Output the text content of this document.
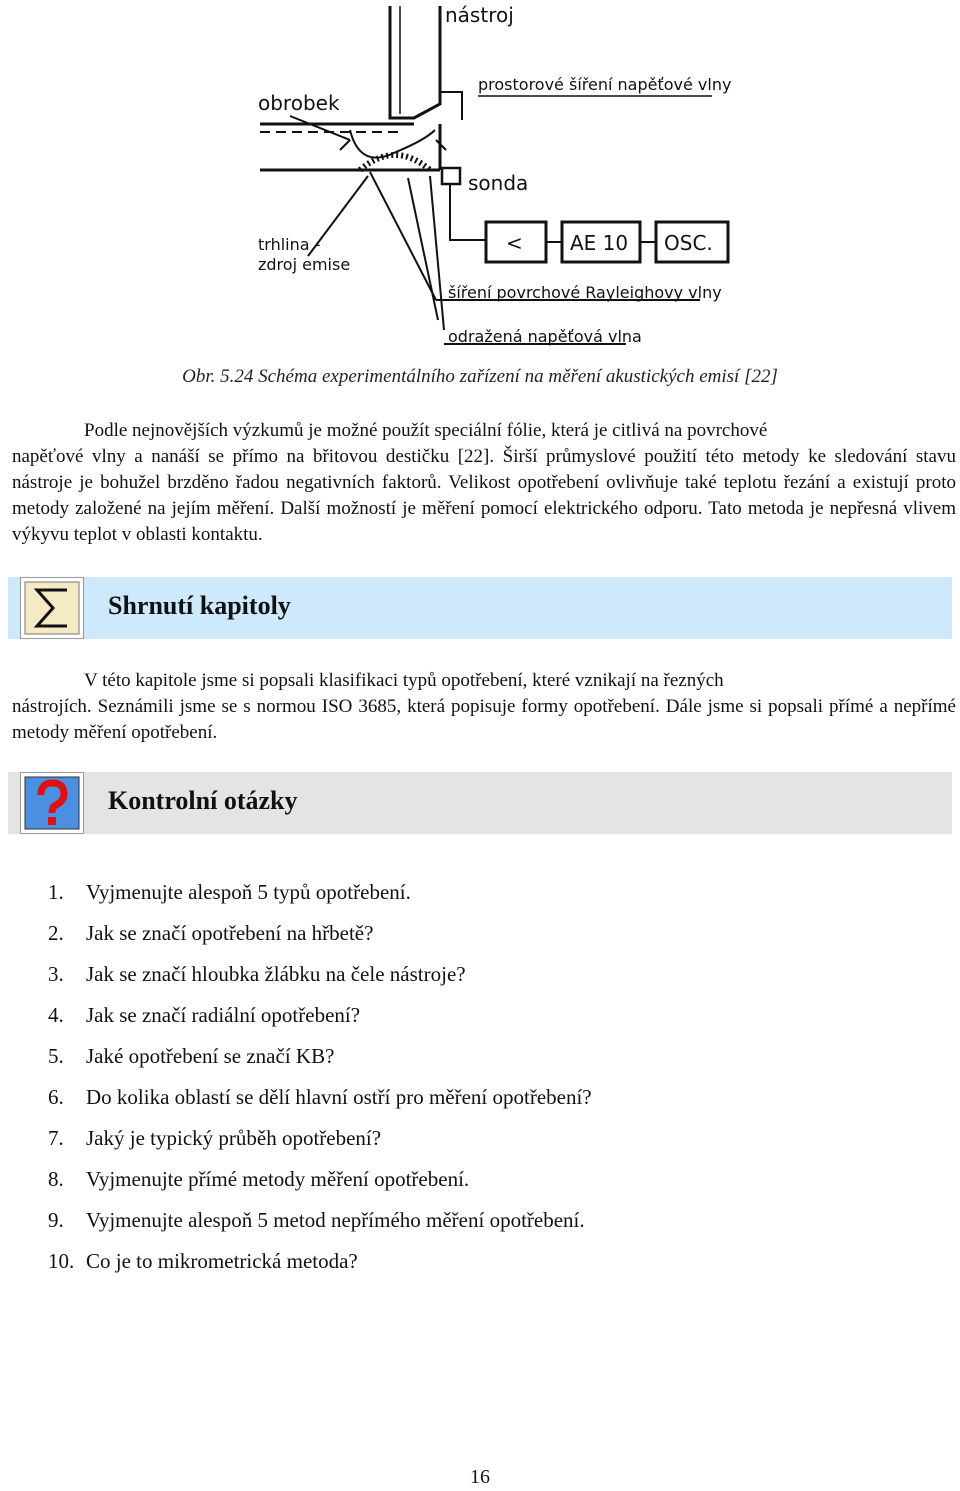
nástroj
obrobek
prostorové šíření napěťové vlny
sonda
trhlina -
zdroj emise
< AE 10 OSC.
šíření povrchové Rayleighovy vlny
odražená napěťová vlna
Obr. 5.24 Schéma experimentálního zařízení na měření akustických emisí [22]
Podle nejnovějších výzkumů je možné použít speciální fólie, která je citlivá na povrchové
napěťové vlny a nanáší se přímo na břitovou destičku [22]. Širší průmyslové použití této metody ke sledování stavu nástroje je bohužel brzděno řadou negativních faktorů. Velikost opotřebení ovlivňuje také teplotu řezání a existují proto metody založené na jejím měření. Další možností je měření pomocí elektrického odporu. Tato metoda je nepřesná vlivem výkyvu teplot v oblasti kontaktu.
Shrnutí kapitoly
V této kapitole jsme si popsali klasifikaci typů opotřebení, které vznikají na řezných
nástrojích. Seznámili jsme se s normou ISO 3685, která popisuje formy opotřebení. Dále jsme si popsali přímé a nepřímé metody měření opotřebení.
Kontrolní otázky
1.	Vyjmenujte alespoň 5 typů opotřebení.
2.	Jak se značí opotřebení na hřbetě?
3.	Jak se značí hloubka žlábku na čele nástroje?
4.	Jak se značí radiální opotřebení?
5.	Jaké opotřebení se značí KB?
6.	Do kolika oblastí se dělí hlavní ostří pro měření opotřebení?
7.	Jaký je typický průběh opotřebení?
8.	Vyjmenujte přímé metody měření opotřebení.
9.	Vyjmenujte alespoň 5 metod nepřímého měření opotřebení.
10. Co je to mikrometrická metoda?
16
